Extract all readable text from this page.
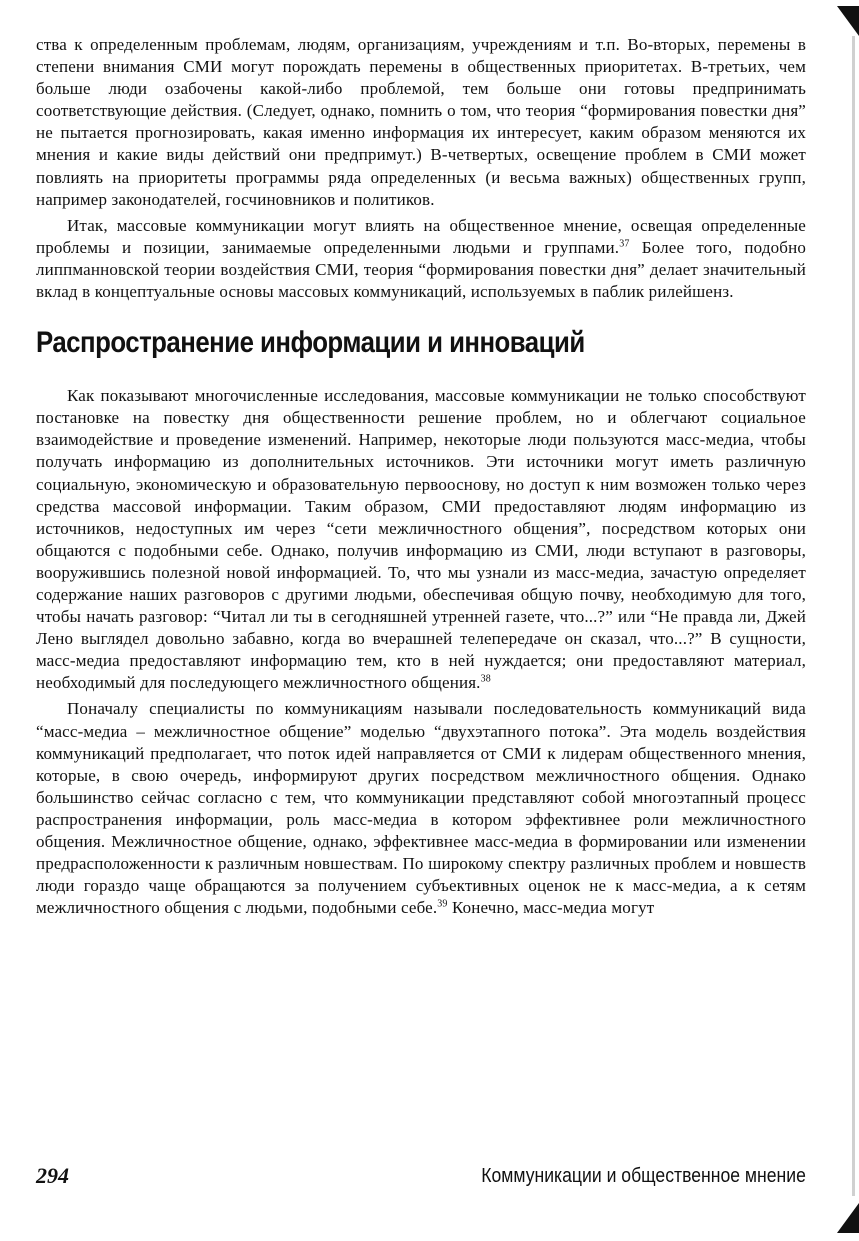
ства к определенным проблемам, людям, организациям, учреждениям и т.п. Во-вторых, перемены в степени внимания СМИ могут порождать перемены в общественных приоритетах. В-третьих, чем больше люди озабочены какой-либо проблемой, тем больше они готовы предпринимать соответствующие действия. (Следует, однако, помнить о том, что теория “формирования повестки дня” не пытается прогнозировать, какая именно информация их интересует, каким образом меняются их мнения и какие виды действий они предпримут.) В-четвертых, освещение проблем в СМИ может повлиять на приоритеты программы ряда определенных (и весьма важных) общественных групп, например законодателей, госчиновников и политиков.

Итак, массовые коммуникации могут влиять на общественное мнение, освещая определенные проблемы и позиции, занимаемые определенными людьми и группами.$^{37}$ Более того, подобно липпманновской теории воздействия СМИ, теория “формирования повестки дня” делает значительный вклад в концептуальные основы массовых коммуникаций, используемых в паблик рилейшенз.

Распространение информации и инноваций

Как показывают многочисленные исследования, массовые коммуникации не только способствуют постановке на повестку дня общественности решение проблем, но и облегчают социальное взаимодействие и проведение изменений. Например, некоторые люди пользуются масс-медиа, чтобы получать информацию из дополнительных источников. Эти источники могут иметь различную социальную, экономическую и образовательную первооснову, но доступ к ним возможен только через средства массовой информации. Таким образом, СМИ предоставляют людям информацию из источников, недоступных им через “сети межличностного общения”, посредством которых они общаются с подобными себе. Однако, получив информацию из СМИ, люди вступают в разговоры, вооружившись полезной новой информацией. То, что мы узнали из масс-медиа, зачастую определяет содержание наших разговоров с другими людьми, обеспечивая общую почву, необходимую для того, чтобы начать разговор: “Читал ли ты в сегодняшней утренней газете, что...?” или “Не правда ли, Джей Лено выглядел довольно забавно, когда во вчерашней телепередаче он сказал, что...?” В сущности, масс-медиа предоставляют информацию тем, кто в ней нуждается; они предоставляют материал, необходимый для последующего межличностного общения.$^{38}$

Поначалу специалисты по коммуникациям называли последовательность коммуникаций вида “масс-медиа – межличностное общение” моделью “двухэтапного потока”. Эта модель воздействия коммуникаций предполагает, что поток идей направляется от СМИ к лидерам общественного мнения, которые, в свою очередь, информируют других посредством межличностного общения. Однако большинство сейчас согласно с тем, что коммуникации представляют собой многоэтапный процесс распространения информации, роль масс-медиа в котором эффективнее роли межличностного общения. Межличностное общение, однако, эффективнее масс-медиа в формировании или изменении предрасположенности к различным новшествам. По широкому спектру различных проблем и новшеств люди гораздо чаще обращаются за получением субъективных оценок не к масс-медиа, а к сетям межличностного общения с людьми, подобными себе.$^{39}$ Конечно, масс-медиа могут

294	Коммуникации и общественное мнение
